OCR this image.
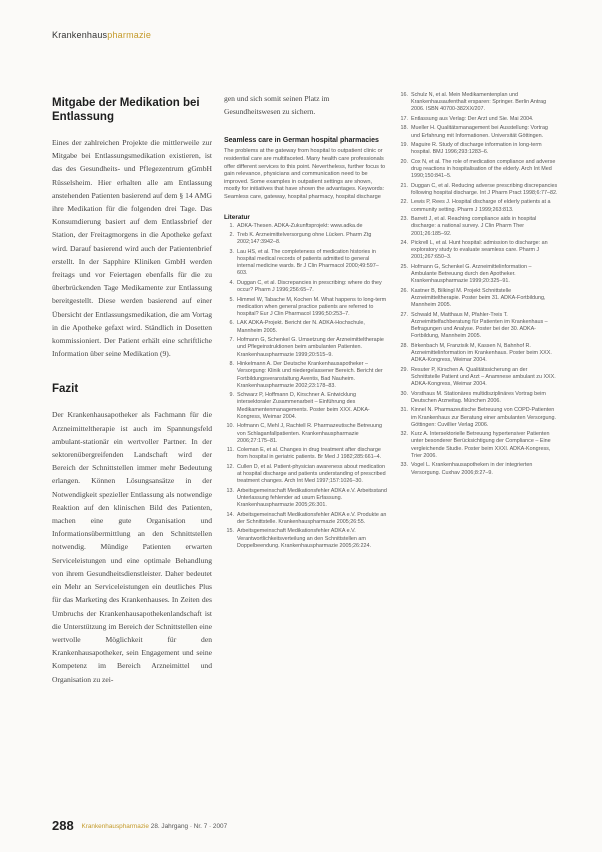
Krankenhauspharmazie
Mitgabe der Medikation bei Entlassung

Eines der zahlreichen Projekte die mittlerweile zur Mitgabe bei Entlassungsmedikation existieren, ist das des Gesundheits- und Pflegezentrum gGmbH Rüsselsheim. Hier erhalten alle am Entlassung anstehenden Patienten basierend auf dem § 14 AMG ihre Medikation für die folgenden drei Tage. Das Konsumdierung basiert auf dem Entlassbrief der Station, der Freitagmorgens in die Apotheke gefaxt wird. Darauf basierend wird auch der Patientenbrief erstellt. In der Sapphire Kliniken GmbH werden freitags und vor Feiertagen ebenfalls für die zu überbrückenden Tage Medikamente zur Entlassung bereitgestellt. Diese werden basierend auf einer Übersicht der Entlassungsmedikation, die am Vortag in die Apotheke gefaxt wird. Ständlich in Dosetten kommissioniert. Der Patient erhält eine schriftliche Information über seine Medikation (9).

Fazit

Der Krankenhausapotheker als Fachmann für die Arzneimitteltherapie ist auch im Spannungsfeld ambulant-stationär ein wertvoller Partner. In der sektorenübergreifenden Landschaft wird der Bereich der Schnittstellen immer mehr Bedeutung erlangen. Können Lösungsansätze in der Notwendigkeit spezieller Entlassung als notwendige Reaktion auf den klinischen Bild des Patienten, machen eine gute Organisation und Informationsübermittlung an den Schnittstellen notwendig. Mündige Patienten erwarten Serviceleistungen und eine optimale Behandlung von ihrem Gesundheitsdienstleister. Daher bedeutet ein Mehr an Serviceleistungen ein deutliches Plus für das Marketing des Krankenhauses. In Zeiten des Umbruchs der Krankenhausapothekenlandschaft ist die Unterstützung im Bereich der Schnittstellen eine wertvolle Möglichkeit für den Krankenhausapotheker, sein Engagement und seine Kompetenz im Bereich Arzneimittel und Organisation zu zei-

gen und sich somit seinen Platz im Gesundheitswesen zu sichern.

Seamless care in German hospital pharmacies
The problems at the gateway from hospital to outpatient clinic or residential care are multifaceted. Many health care professionals offer different services to this point. Nevertheless, further focus to gain relevance, physicians and communication need to be improved. Some examples in outpatient settings are shown, mostly for initiatives that have shown the advantages. Keywords: Seamless care, gateway, hospital pharmacy, hospital discharge
Literatur
1. ADKA-Thesen. ADKA-Zukunftsprojekt: www.adka.de
2. Treb K. Arzneimittelversorgung ohne Lücken. Pharm Ztg 2002;147:3942–8.
3. Lau HS, et al. The completeness of medication histories in hospital medical records of patients admitted to general internal medicine wards. Br J Clin Pharmacol 2000;49:597–603.
4. Duggan C, et al. Discrepancies in prescribing: where do they occur? Pharm J 1996;256:65–7.
5. Himmel W, Tabache M, Kochen M. What happens to long-term medication when general practice patients are referred to hospital? Eur J Clin Pharmacol 1996;50:253–7.
6. LAK ADKA-Projekt. Bericht der N. ADKA-Hochschule, Mannheim 2005.
7. Hofmann G, Schenkel G. Umsetzung der Arzneimitteltherapie und Pflegeinstruktionen beim ambulanten Patienten. Krankenhauspharmazie 1999;20:515–9.
8. Hinkelmann A. Der Deutsche Krankenhausapotheker – Versorgung: Klinik und niedergelassener Bereich. Bericht der Fortbildungsveranstaltung Aventis, Bad Nauheim. Krankenhauspharmazie 2002;23:178–83.
9. Schwarz P, Hoffmann D, Kirschner A. Entwicklung intersektoraler Zusammenarbeit – Einführung des Medikamentenmanagements. Poster beim XXX. ADKA-Kongress, Weimar 2004.
10. Hofmann C, Mehl J, Rachtell R. Pharmazeutische Betreuung von Schlaganfallpatienten. Krankenhauspharmazie 2006;27:175–81.
11. Coleman E, et al. Changes in drug treatment after discharge from hospital in geriatric patients. Br Med J 1982;285:661–4.
12. Cullen D, et al. Patient-physician awareness about medication at hospital discharge and patients understanding of prescribed treatment changes. Arch Int Med 1997;157:1026–30.
13. Arbeitsgemeinschaft Medikationsfehler ADKA e.V. Arbeitsstand Unterlassung fehlender ad usum Erfassung. Krankenhauspharmazie 2005;26:301.
14. Arbeitsgemeinschaft Medikationsfehler ADKA e.V. Produkte an der Schnittstelle. Krankenhauspharmazie 2005;26:55.
15. Arbeitsgemeinschaft Medikationsfehler ADKA e.V. Verantwortlichkeitsverteilung an den Schnittstellen am Doppelbeendung. Krankenhauspharmazie 2005;26:224.
16. Schulz N, et al. Mein Medikamentenplan und Krankenhausaufenthalt ersparen: Springer. Berlin Antrag 2006. ISBN 40700-382XX/207.
17. Entlassung aus Verlag: Der Arzt und Sie. Mai 2004.
18. Mueller H. Qualitätsmanagement bei Ausstellung: Vortrag und Erfahrung mit Informationen. Universität Göttingen.
19. Maguire R. Study of discharge information in long-term hospital. BMJ 1996;293:1283–6.
20. Cox N, et al. The role of medication compliance and adverse drug reactions in hospitalisation of the elderly. Arch Int Med 1990;150:841–5.
21. Duggan C, et al. Reducing adverse prescribing discrepancies following hospital discharge. Int J Pharm Pract 1998;6:77–82.
22. Lewis P, Rees J. Hospital discharge of elderly patients at a community setting. Pharm J 1999;263:813.
23. Barrett J, et al. Reaching compliance aids in hospital discharge: a national survey. J Clin Pharm Ther 2001;26:185–92.
24. Pickrell L, et al. Hunt hospital: admission to discharge: an exploratory study to evaluate seamless care. Pharm J 2001;267:650–3.
25. Hofmann G, Schenkel G. Arzneimittelinformation – Ambulante Betreuung durch den Apotheker. Krankenhauspharmazie 1999;20:325–91.
26. Kastner B, Bilkingl M. Projekt Schnittstelle Arzneimitteltherapie. Poster beim 31. ADKA-Fortbildung, Mannheim 2005.
27. Schwald M, Matthaus M, Pfahler-Treis T. Arzneimittelfachberatung für Patienten im Krankenhaus – Befragungen und Analyse. Poster bei der 30. ADKA-Fortbildung, Mannheim 2005.
28. Birkenbach M, Franzisik M, Kassen N, Bahnhof R. Arzneimittelinformation im Krankenhaus. Poster beim XXX. ADKA-Kongress, Weimar 2004.
29. Resuter P, Kirschen A. Qualitätssicherung an der Schnittstelle Patient und Arzt – Anamnese ambulant zu XXX. ADKA-Kongress, Weimar 2004.
30. Vorsthaus M. Stationäres multidisziplinäres Vortrag beim Deutschen Arzneitag. München 2006.
31. Kinnel N. Pharmazeutische Betreuung von COPD-Patienten im Krankenhaus zur Beratung einer ambulanten Versorgung. Göttingen: Cuvillier Verlag 2006.
32. Kurz A. Intersektorielle Betreuung hypertensiver Patienten unter besonderer Berücksichtigung der Compliance – Eine vergleichende Studie. Poster beim XXXI. ADKA-Kongress, Trier 2006.
33. Vogel L. Krankenhausapotheken in der integrierten Versorgung. Cuxhav 2006;8:27–9.
288 Krankenhauspharmazie 28. Jahrgang · Nr. 7 · 2007
